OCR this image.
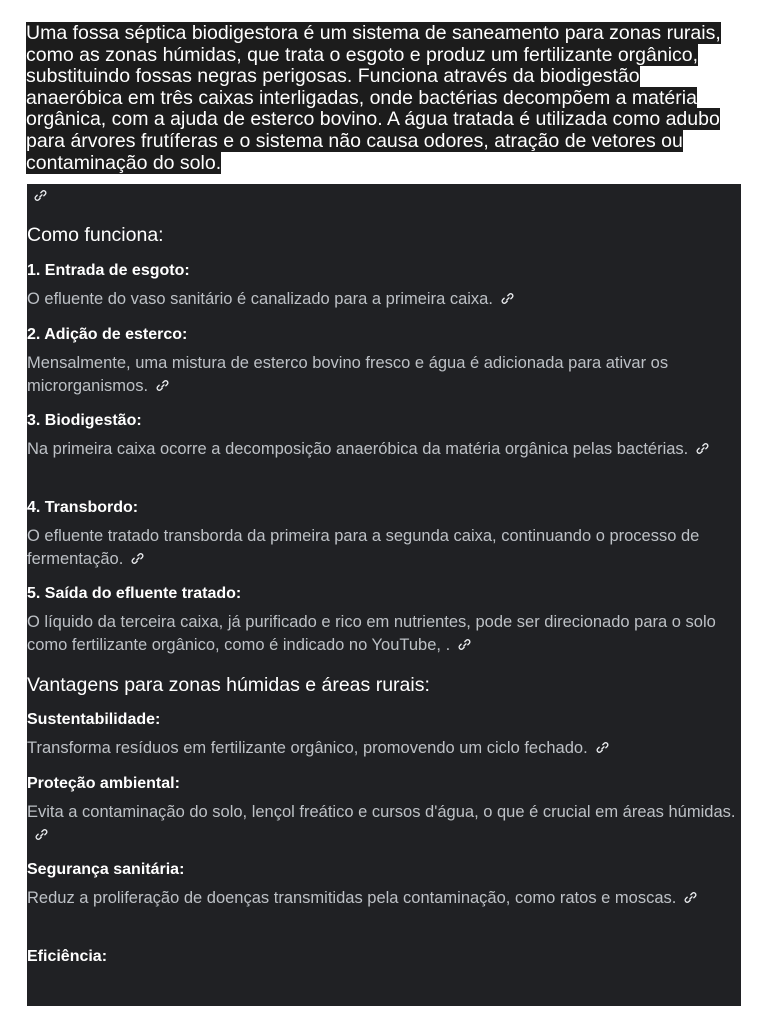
Uma fossa séptica biodigestora é um sistema de saneamento para zonas rurais, como as zonas húmidas, que trata o esgoto e produz um fertilizante orgânico, substituindo fossas negras perigosas. Funciona através da biodigestão anaeróbica em três caixas interligadas, onde bactérias decompõem a matéria orgânica, com a ajuda de esterco bovino. A água tratada é utilizada como adubo para árvores frutíferas e o sistema não causa odores, atração de vetores ou contaminação do solo.

Como funciona:

1. Entrada de esgoto:

O efluente do vaso sanitário é canalizado para a primeira caixa.

2. Adição de esterco:

Mensalmente, uma mistura de esterco bovino fresco e água é adicionada para ativar os microrganismos.

3. Biodigestão:

Na primeira caixa ocorre a decomposição anaeróbica da matéria orgânica pelas bactérias.

4. Transbordo:

O efluente tratado transborda da primeira para a segunda caixa, continuando o processo de fermentação.

5. Saída do efluente tratado:

O líquido da terceira caixa, já purificado e rico em nutrientes, pode ser direcionado para o solo como fertilizante orgânico, como é indicado no YouTube, .

Vantagens para zonas húmidas e áreas rurais:

Sustentabilidade:

Transforma resíduos em fertilizante orgânico, promovendo um ciclo fechado.

Proteção ambiental:

Evita a contaminação do solo, lençol freático e cursos d'água, o que é crucial em áreas húmidas.

Segurança sanitária:

Reduz a proliferação de doenças transmitidas pela contaminação, como ratos e moscas.

Eficiência:
